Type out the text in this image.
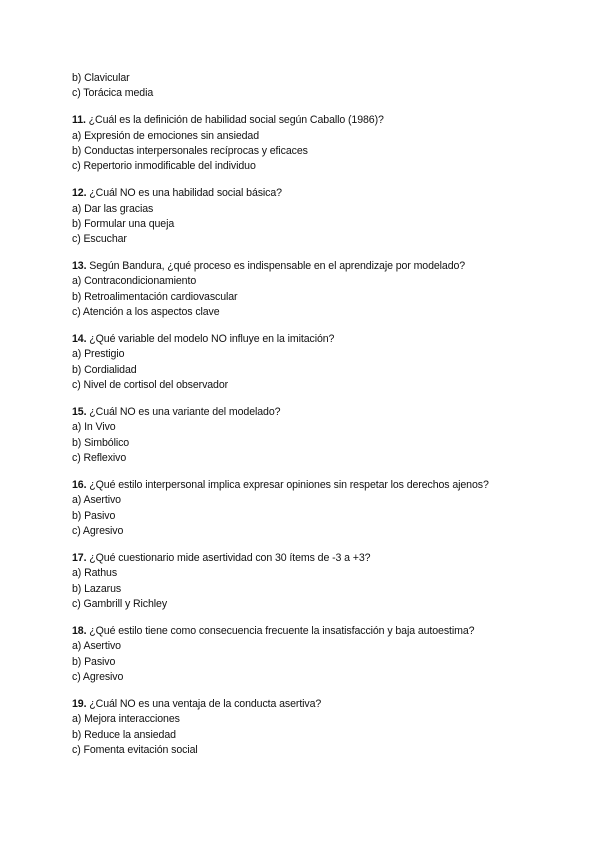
b) Clavicular
c) Torácica media
11. ¿Cuál es la definición de habilidad social según Caballo (1986)?
a) Expresión de emociones sin ansiedad
b) Conductas interpersonales recíprocas y eficaces
c) Repertorio inmodificable del individuo
12. ¿Cuál NO es una habilidad social básica?
a) Dar las gracias
b) Formular una queja
c) Escuchar
13. Según Bandura, ¿qué proceso es indispensable en el aprendizaje por modelado?
a) Contracondicionamiento
b) Retroalimentación cardiovascular
c) Atención a los aspectos clave
14. ¿Qué variable del modelo NO influye en la imitación?
a) Prestigio
b) Cordialidad
c) Nivel de cortisol del observador
15. ¿Cuál NO es una variante del modelado?
a) In Vivo
b) Simbólico
c) Reflexivo
16. ¿Qué estilo interpersonal implica expresar opiniones sin respetar los derechos ajenos?
a) Asertivo
b) Pasivo
c) Agresivo
17. ¿Qué cuestionario mide asertividad con 30 ítems de -3 a +3?
a) Rathus
b) Lazarus
c) Gambrill y Richley
18. ¿Qué estilo tiene como consecuencia frecuente la insatisfacción y baja autoestima?
a) Asertivo
b) Pasivo
c) Agresivo
19. ¿Cuál NO es una ventaja de la conducta asertiva?
a) Mejora interacciones
b) Reduce la ansiedad
c) Fomenta evitación social
